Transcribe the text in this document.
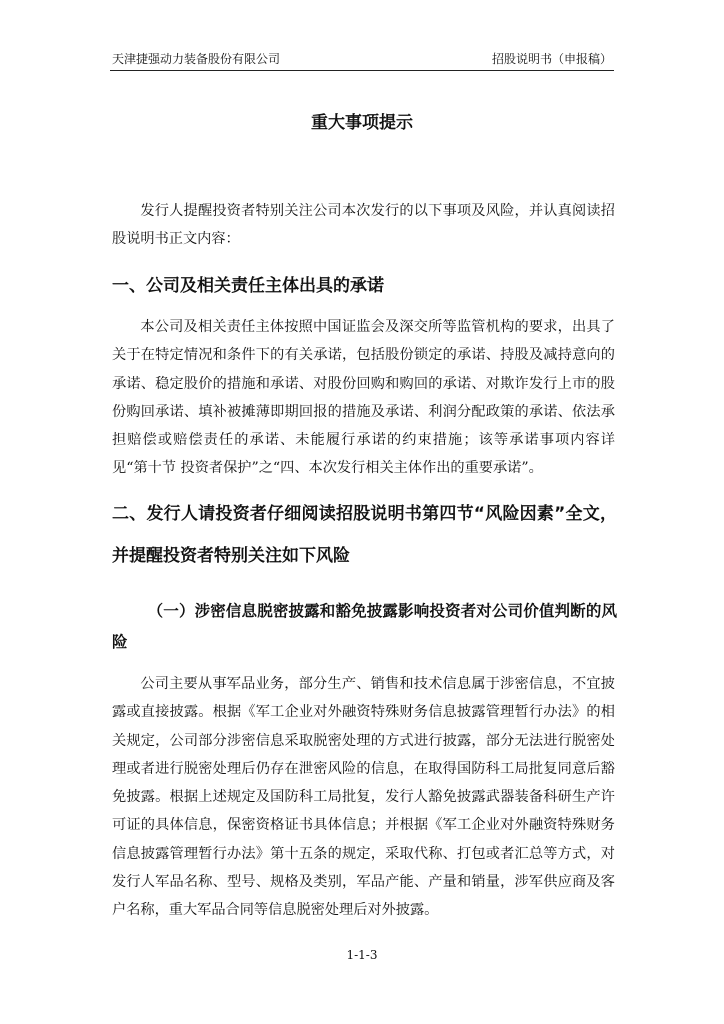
天津捷强动力装备股份有限公司	招股说明书（申报稿）
重大事项提示
发行人提醒投资者特别关注公司本次发行的以下事项及风险，并认真阅读招股说明书正文内容：
一、公司及相关责任主体出具的承诺
本公司及相关责任主体按照中国证监会及深交所等监管机构的要求，出具了关于在特定情况和条件下的有关承诺，包括股份锁定的承诺、持股及减持意向的承诺、稳定股价的措施和承诺、对股份回购和购回的承诺、对欺诈发行上市的股份购回承诺、填补被摊薄即期回报的措施及承诺、利润分配政策的承诺、依法承担赔偿或赔偿责任的承诺、未能履行承诺的约束措施；该等承诺事项内容详见“第十节 投资者保护”之“四、本次发行相关主体作出的重要承诺”。
二、发行人请投资者仔细阅读招股说明书第四节“风险因素”全文，并提醒投资者特别关注如下风险
（一）涉密信息脱密披露和豁免披露影响投资者对公司价值判断的风险
公司主要从事军品业务，部分生产、销售和技术信息属于涉密信息，不宜披露或直接披露。根据《军工企业对外融资特殊财务信息披露管理暂行办法》的相关规定，公司部分涉密信息采取脱密处理的方式进行披露，部分无法进行脱密处理或者进行脱密处理后仍存在泄密风险的信息，在取得国防科工局批复同意后豁免披露。根据上述规定及国防科工局批复，发行人豁免披露武器装备科研生产许可证的具体信息，保密资格证书具体信息；并根据《军工企业对外融资特殊财务信息披露管理暂行办法》第十五条的规定，采取代称、打包或者汇总等方式，对发行人军品名称、型号、规格及类别，军品产能、产量和销量，涉军供应商及客户名称，重大军品合同等信息脱密处理后对外披露。
1-1-3
